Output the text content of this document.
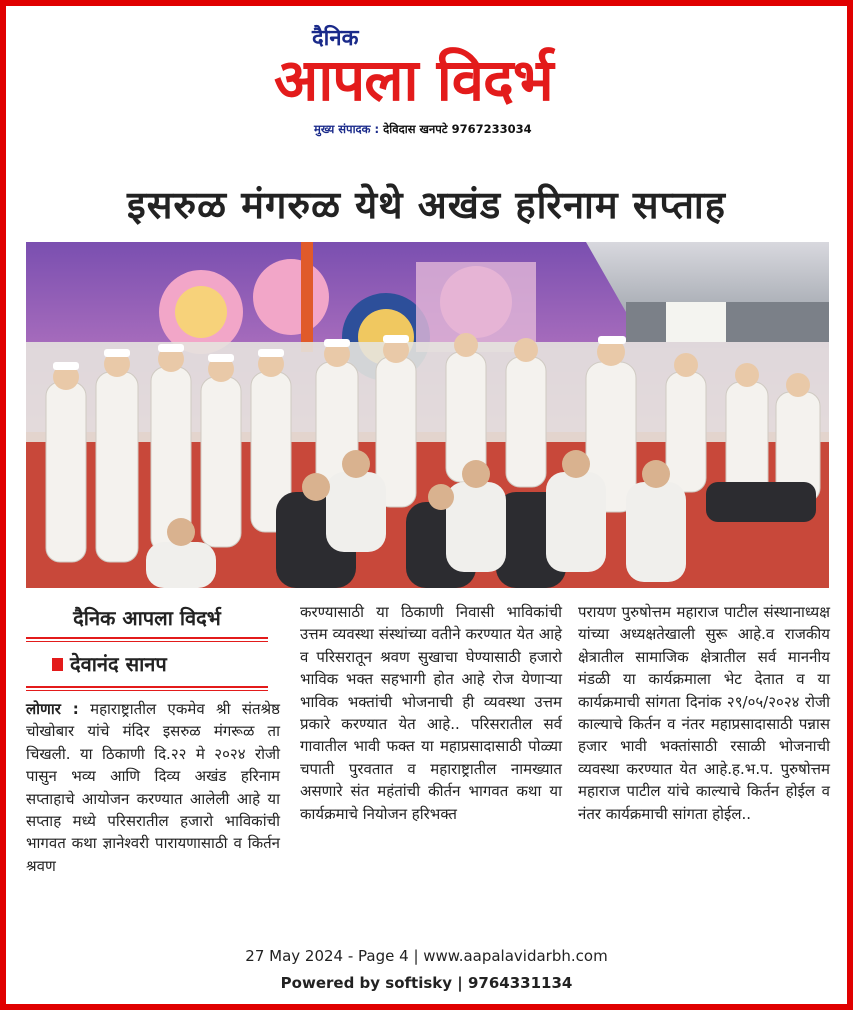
दैनिक
आपला विदर्भ
मुख्य संपादक : देविदास खनपटे 9767233034
इसरुळ मंगरुळ येथे अखंड हरिनाम सप्ताह
दैनिक आपला विदर्भ
देवानंद सानप
लोणार : महाराष्ट्रातील एकमेव श्री संतश्रेष्ठ चोखोबार यांचे मंदिर इसरुळ मंगरूळ ता चिखली. या ठिकाणी दि.२२ मे २०२४ रोजी पासुन भव्य आणि दिव्य अखंड हरिनाम सप्ताहाचे आयोजन करण्यात आलेली आहे या सप्ताह मध्ये परिसरातील हजारो भाविकांची भागवत कथा ज्ञानेश्वरी पारायणासाठी व किर्तन श्रवण
करण्यासाठी या ठिकाणी निवासी भाविकांची उत्तम व्यवस्था संस्थांच्या वतीने करण्यात येत आहे व परिसरातून श्रवण सुखाचा घेण्यासाठी हजारो भाविक भक्त सहभागी होत आहे रोज येणाऱ्या भाविक भक्तांची भोजनाची ही व्यवस्था उत्तम प्रकारे करण्यात येत आहे.. परिसरातील सर्व गावातील भावी फक्त या महाप्रसादासाठी पोळ्या चपाती पुरवतात व महाराष्ट्रातील नामख्यात असणारे संत महंतांची कीर्तन भागवत कथा या कार्यक्रमाचे नियोजन हरिभक्त
परायण पुरुषोत्तम महाराज पाटील संस्थानाध्यक्ष यांच्या अध्यक्षतेखाली सुरू आहे.व राजकीय क्षेत्रातील सामाजिक क्षेत्रातील सर्व माननीय मंडळी या कार्यक्रमाला भेट देतात व या कार्यक्रमाची सांगता दिनांक २९/०५/२०२४ रोजी काल्याचे किर्तन व नंतर महाप्रसादासाठी पन्नास हजार भावी भक्तांसाठी रसाळी भोजनाची व्यवस्था करण्यात येत आहे.ह.भ.प. पुरुषोत्तम महाराज पाटील यांचे काल्याचे किर्तन होईल व नंतर कार्यक्रमाची सांगता होईल..
27 May 2024 - Page 4 | www.aapalavidarbh.com
Powered by softisky | 9764331134
